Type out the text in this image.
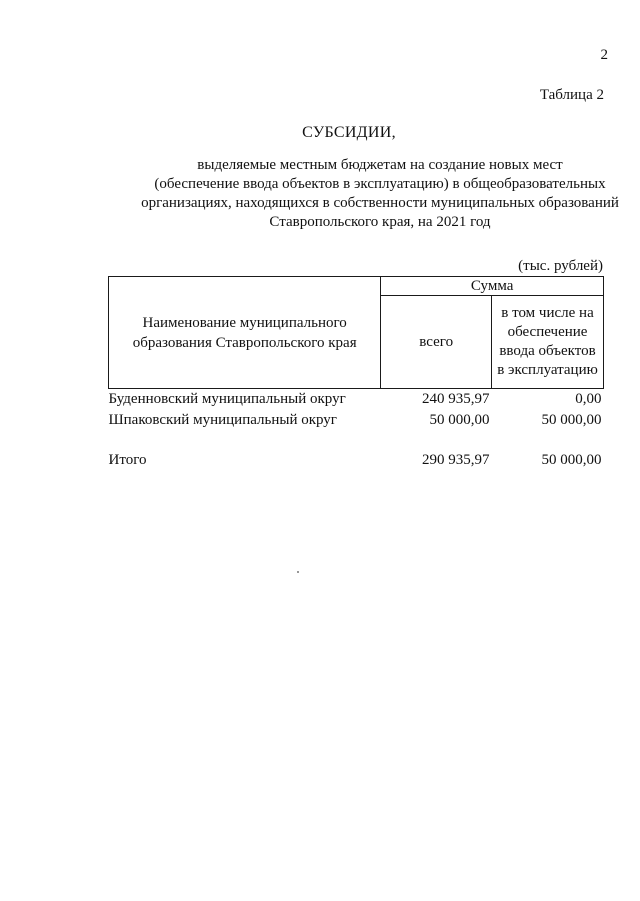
2
Таблица 2
СУБСИДИИ,
выделяемые местным бюджетам на создание новых мест
(обеспечение ввода объектов в эксплуатацию) в общеобразовательных
организациях, находящихся в собственности муниципальных образований
Ставропольского края, на 2021 год
(тыс. рублей)
Наименование муниципального образования Ставропольского края	Сумма	
	всего	в том числе на обеспечение ввода объектов в эксплуатацию
Буденновский муниципальный округ	240 935,97	0,00
Шпаковский муниципальный округ	50 000,00	50 000,00

Итого	290 935,97	50 000,00
